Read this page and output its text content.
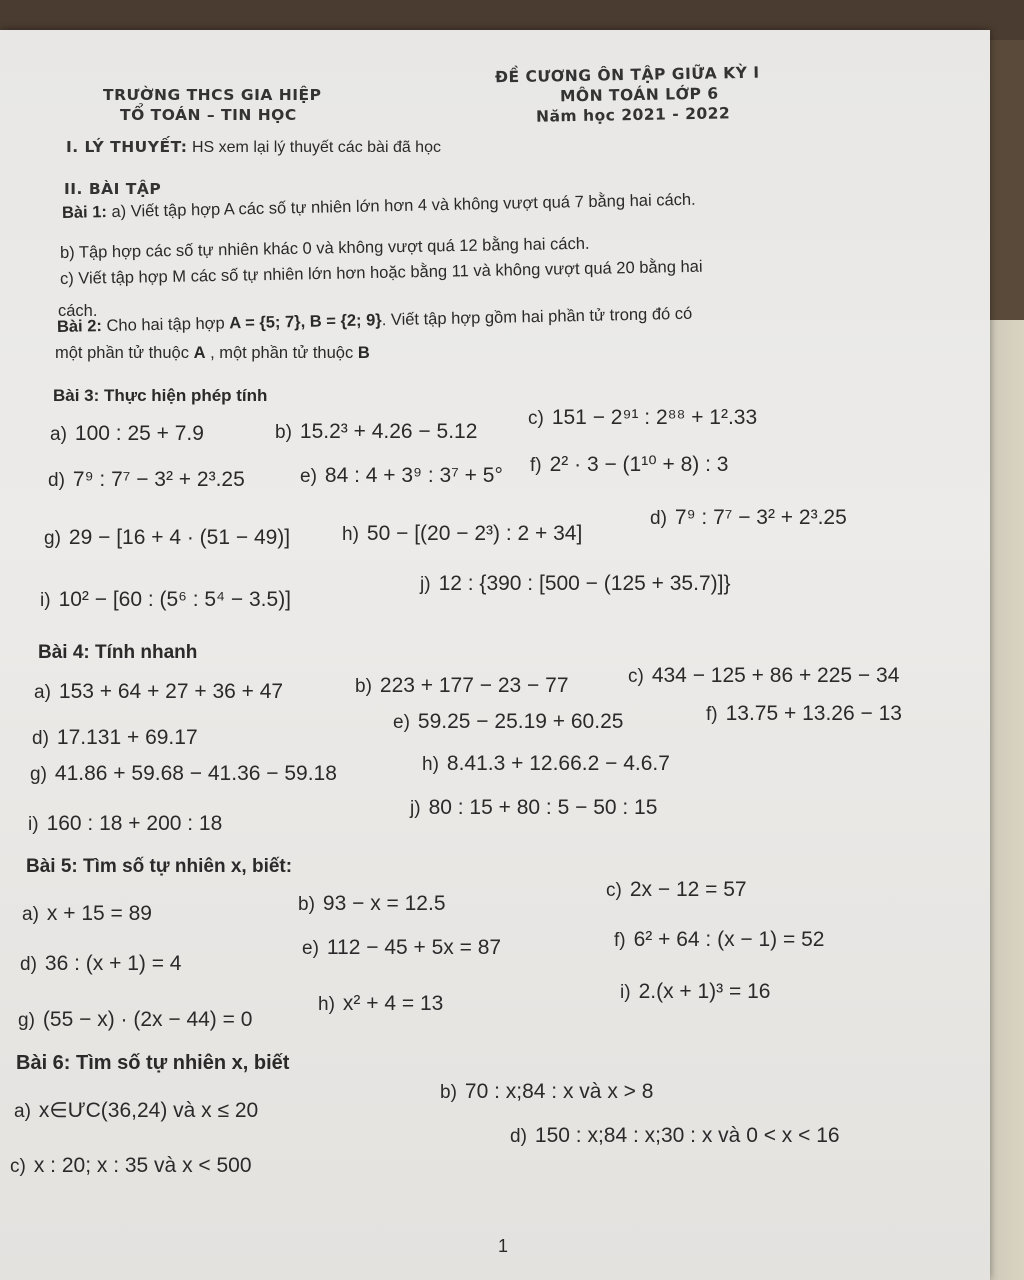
TRƯỜNG THCS GIA HIỆP
TỔ TOÁN – TIN HỌC
ĐỀ CƯƠNG ÔN TẬP GIỮA KỲ I
MÔN TOÁN LỚP 6
Năm học 2021 - 2022
I. LÝ THUYẾT: HS xem lại lý thuyết các bài đã học
II. BÀI TẬP
Bài 1: a) Viết tập hợp A các số tự nhiên lớn hơn 4 và không vượt quá 7 bằng hai cách.
b) Tập hợp các số tự nhiên khác 0 và không vượt quá 12 bằng hai cách.
c) Viết tập hợp M các số tự nhiên lớn hơn hoặc bằng 11 và không vượt quá 20 bằng hai
cách.
Bài 2: Cho hai tập hợp A = {5; 7}, B = {2; 9}. Viết tập hợp gồm hai phần tử trong đó có
một phần tử thuộc A , một phần tử thuộc B
Bài 3: Thực hiện phép tính
a) 100 : 25 + 7.9	b) 15.2³ + 4.26 − 5.12
c) 151 − 2⁹¹ : 2⁸⁸ + 1².33
d) 7⁹ : 7⁷ − 3² + 2³.25	e) 84 : 4 + 3⁹ : 3⁷ + 5° f) 2² · 3 − (1¹⁰ + 8) : 3
g) 29 − [16 + 4 · (51 − 49)]	h) 50 − [(20 − 2³) : 2 + 34]
d) 7⁹ : 7⁷ − 3² + 2³.25
i) 10² − [60 : (5⁶ : 5⁴ − 3.5)]
j) 12 : {390 : [500 − (125 + 35.7)]}
Bài 4: Tính nhanh
a) 153 + 64 + 27 + 36 + 47	b) 223 + 177 − 23 − 77	c) 434 − 125 + 86 + 225 − 34
d) 17.131 + 69.17
e) 59.25 − 25.19 + 60.25	f) 13.75 + 13.26 − 13
g) 41.86 + 59.68 − 41.36 − 59.18	h) 8.41.3 + 12.66.2 − 4.6.7
i) 160 : 18 + 200 : 18
j) 80 : 15 + 80 : 5 − 50 : 15
Bài 5: Tìm số tự nhiên x, biết:
a) x + 15 = 89	b) 93 − x = 12.5
c) 2x − 12 = 57
d) 36 : (x + 1) = 4
e) 112 − 45 + 5x = 87	f) 6² + 64 : (x − 1) = 52
g) (55 − x) · (2x − 44) = 0
h) x² + 4 = 13	i) 2.(x + 1)³ = 16
Bài 6: Tìm số tự nhiên x, biết
a) x∈ƯC(36,24) và x ≤ 20
b) 70 : x;84 : x và x > 8
c) x : 20; x : 35 và x < 500
d) 150 : x;84 : x;30 : x và 0 < x < 16
1
